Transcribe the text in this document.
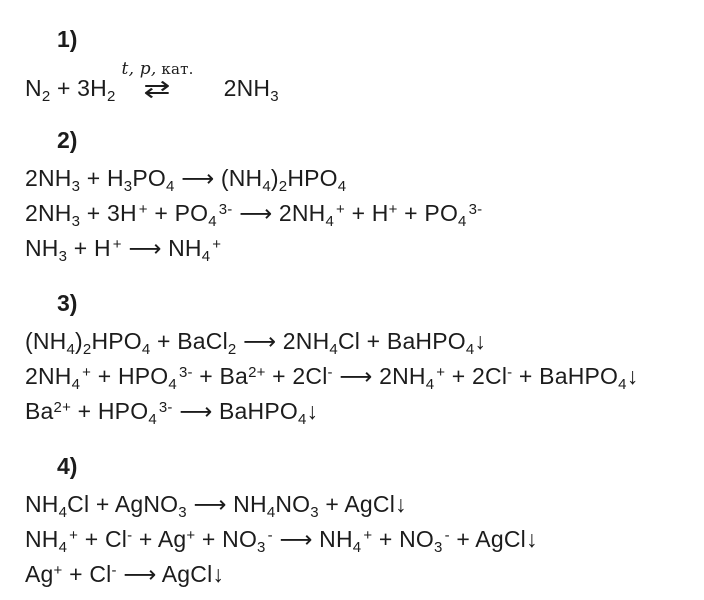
1)
$N_2 + 3H_2$
t, p, кат.
⇄ $2NH_3$
2)
$2NH_3 + H_3PO_4$ ⟶ $(NH_4)_2HPO_4$
$2NH_3 + 3H$ $^+ + PO_4^{3-}$ ⟶ $2NH_4^+ + H^+ + PO_4^{3-}$
$NH_3 + H$ + ⟶ $NH_4^+$
3)
$(NH_4)_2HPO_4$ + BaCl$_2$ ⟶ $2NH_4Cl$ + BaHPO$_4$↓
$2NH_4^+ + HPO_4^{3-} + Ba^{2+} + 2Cl^-$ ⟶ $2NH_4^+ + 2Cl^-$ + BaHPO$_4$↓
$Ba^{2+} + HPO_4^{3-}$ ⟶ BaHPO$_4$↓
4)
$NH_4Cl$ + AgNO$_3$ ⟶ $NH_4NO_3$ + AgCl↓
$NH_4^+ + Cl^- + Ag^+ + NO_3^-$ ⟶ $NH_4^+ + NO_3^-$ + AgCl↓
Ag+ + Cl- ⟶ AgCl↓
